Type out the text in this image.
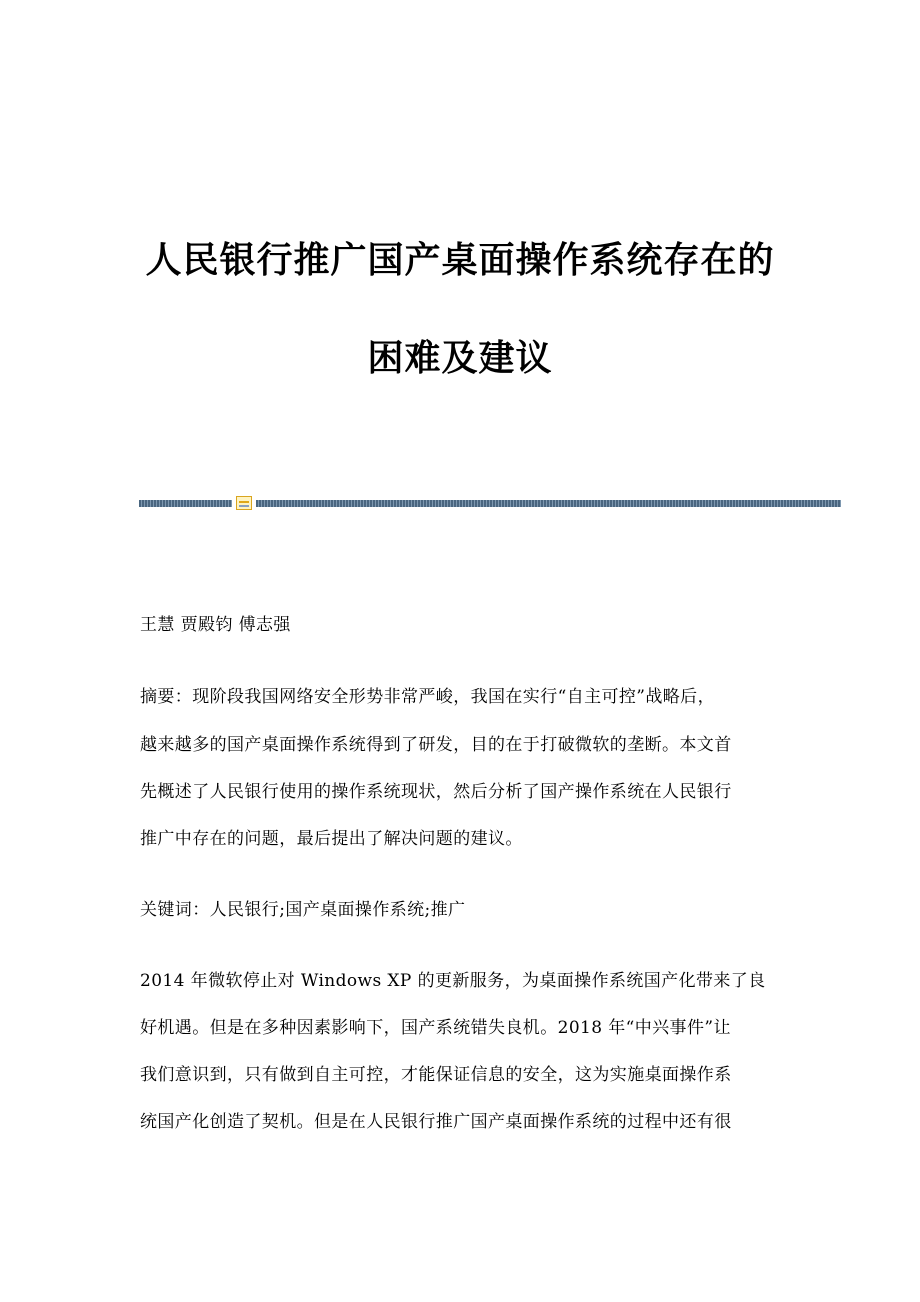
人民银行推广国产桌面操作系统存在的
困难及建议
王慧 贾殿钧 傅志强
摘要：现阶段我国网络安全形势非常严峻，我国在实行“自主可控”战略后，
越来越多的国产桌面操作系统得到了研发，目的在于打破微软的垄断。本文首
先概述了人民银行使用的操作系统现状，然后分析了国产操作系统在人民银行
推广中存在的问题，最后提出了解决问题的建议。
关键词：人民银行;国产桌面操作系统;推广
2014 年微软停止对 Windows XP 的更新服务，为桌面操作系统国产化带来了良
好机遇。但是在多种因素影响下，国产系统错失良机。2018 年“中兴事件”让
我们意识到，只有做到自主可控，才能保证信息的安全，这为实施桌面操作系
统国产化创造了契机。但是在人民银行推广国产桌面操作系统的过程中还有很
